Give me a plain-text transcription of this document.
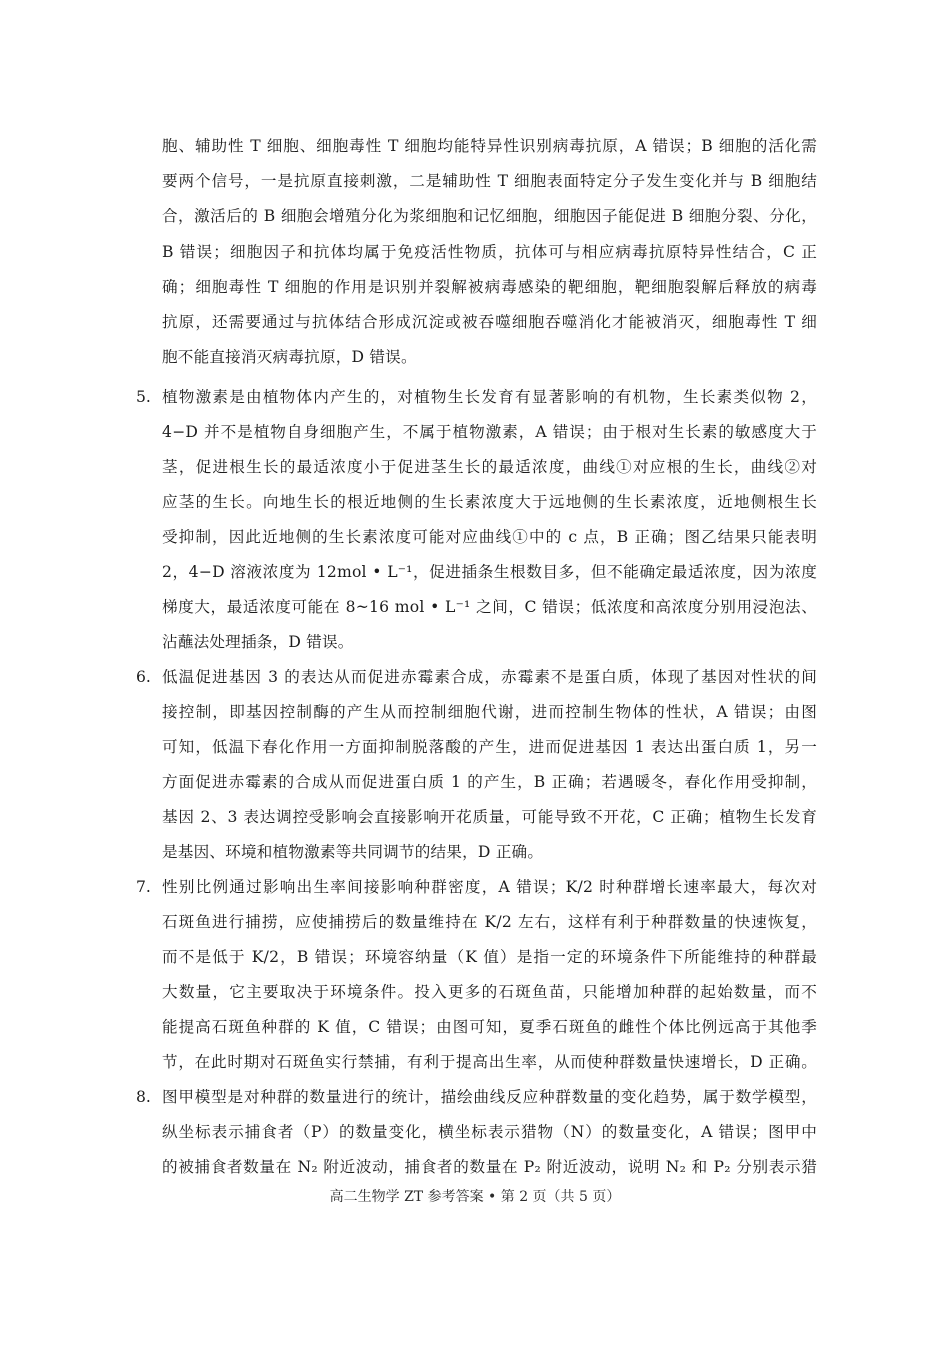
胞、辅助性 T 细胞、细胞毒性 T 细胞均能特异性识别病毒抗原，A 错误；B 细胞的活化需
要两个信号，一是抗原直接刺激，二是辅助性 T 细胞表面特定分子发生变化并与 B 细胞结
合，激活后的 B 细胞会增殖分化为浆细胞和记忆细胞，细胞因子能促进 B 细胞分裂、分化，
B 错误；细胞因子和抗体均属于免疫活性物质，抗体可与相应病毒抗原特异性结合，C 正
确；细胞毒性 T 细胞的作用是识别并裂解被病毒感染的靶细胞，靶细胞裂解后释放的病毒
抗原，还需要通过与抗体结合形成沉淀或被吞噬细胞吞噬消化才能被消灭，细胞毒性 T 细
胞不能直接消灭病毒抗原，D 错误。
5. 植物激素是由植物体内产生的，对植物生长发育有显著影响的有机物，生长素类似物 2，
4−D 并不是植物自身细胞产生，不属于植物激素，A 错误；由于根对生长素的敏感度大于
茎，促进根生长的最适浓度小于促进茎生长的最适浓度，曲线①对应根的生长，曲线②对
应茎的生长。向地生长的根近地侧的生长素浓度大于远地侧的生长素浓度，近地侧根生长
受抑制，因此近地侧的生长素浓度可能对应曲线①中的 c 点，B 正确；图乙结果只能表明
2，4−D 溶液浓度为 12mol • L⁻¹，促进插条生根数目多，但不能确定最适浓度，因为浓度
梯度大，最适浓度可能在 8~16 mol • L⁻¹ 之间，C 错误；低浓度和高浓度分别用浸泡法、
沾蘸法处理插条，D 错误。
6. 低温促进基因 3 的表达从而促进赤霉素合成，赤霉素不是蛋白质，体现了基因对性状的间
接控制，即基因控制酶的产生从而控制细胞代谢，进而控制生物体的性状，A 错误；由图
可知，低温下春化作用一方面抑制脱落酸的产生，进而促进基因 1 表达出蛋白质 1，另一
方面促进赤霉素的合成从而促进蛋白质 1 的产生，B 正确；若遇暖冬，春化作用受抑制，
基因 2、3 表达调控受影响会直接影响开花质量，可能导致不开花，C 正确；植物生长发育
是基因、环境和植物激素等共同调节的结果，D 正确。
7. 性别比例通过影响出生率间接影响种群密度，A 错误；K/2 时种群增长速率最大，每次对
石斑鱼进行捕捞，应使捕捞后的数量维持在 K/2 左右，这样有利于种群数量的快速恢复，
而不是低于 K/2，B 错误；环境容纳量（K 值）是指一定的环境条件下所能维持的种群最
大数量，它主要取决于环境条件。投入更多的石斑鱼苗，只能增加种群的起始数量，而不
能提高石斑鱼种群的 K 值，C 错误；由图可知，夏季石斑鱼的雌性个体比例远高于其他季
节，在此时期对石斑鱼实行禁捕，有利于提高出生率，从而使种群数量快速增长，D 正确。
8. 图甲模型是对种群的数量进行的统计，描绘曲线反应种群数量的变化趋势，属于数学模型，
纵坐标表示捕食者（P）的数量变化，横坐标表示猎物（N）的数量变化，A 错误；图甲中
的被捕食者数量在 N₂ 附近波动，捕食者的数量在 P₂ 附近波动，说明 N₂ 和 P₂ 分别表示猎
高二生物学 ZT 参考答案 • 第 2 页（共 5 页）
